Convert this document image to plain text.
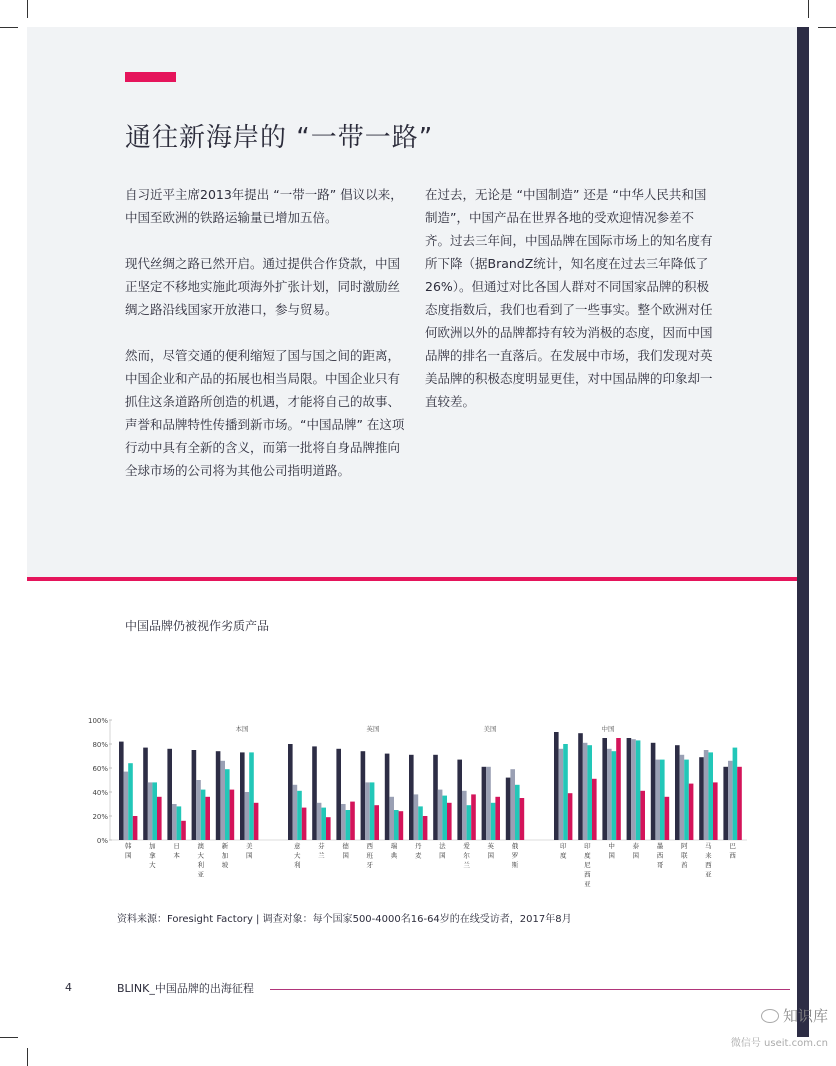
通往新海岸的 “一带一路”

自习近平主席2013年提出 “一带一路” 倡议以来，中国至欧洲的铁路运输量已增加五倍。

现代丝绸之路已然开启。通过提供合作贷款，中国正坚定不移地实施此项海外扩张计划，同时激励丝绸之路沿线国家开放港口，参与贸易。

然而，尽管交通的便利缩短了国与国之间的距离，中国企业和产品的拓展也相当局限。中国企业只有抓住这条道路所创造的机遇，才能将自己的故事、声誉和品牌特性传播到新市场。“中国品牌” 在这项行动中具有全新的含义，而第一批将自身品牌推向全球市场的公司将为其他公司指明道路。

在过去，无论是 “中国制造” 还是 “中华人民共和国制造”，中国产品在世界各地的受欢迎情况参差不齐。过去三年间，中国品牌在国际市场上的知名度有所下降（据BrandZ统计，知名度在过去三年降低了26%）。但通过对比各国人群对不同国家品牌的积极态度指数后，我们也看到了一些事实。整个欧洲对任何欧洲以外的品牌都持有较为消极的态度，因而中国品牌的排名一直落后。在发展中市场，我们发现对英美品牌的积极态度明显更佳，对中国品牌的印象却一直较差。

中国品牌仍被视作劣质产品
0%
20%
40%
60%
80%
100%
韩
国
加
拿
大
日
本
澳
大
利
亚
新
加
坡
美
国
意
大
利
芬
兰
德
国
西
班
牙
瑞
典
丹
麦
法
国
爱
尔
兰
英
国
俄
罗
斯
印
度
印
度
尼
西
亚
中
国
泰
国
墨
西
哥
阿
联
酋
马
来
西
亚
巴
西
本国	英国	美国	中国
资料来源：Foresight Factory | 调查对象：每个国家500-4000名16-64岁的在线受访者，2017年8月
4	BLINK_中国品牌的出海征程
知识库
微信号 useit.com.cn
